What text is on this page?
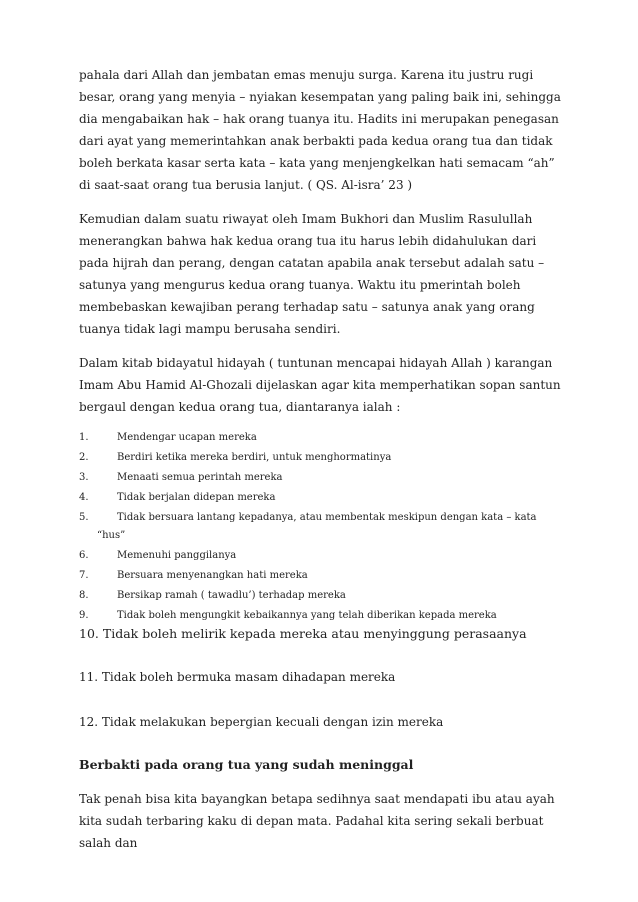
pahala dari Allah dan jembatan emas menuju surga. Karena itu justru rugi besar, orang yang menyia – nyiakan kesempatan yang paling baik ini, sehingga dia mengabaikan hak – hak orang tuanya itu. Hadits ini merupakan penegasan dari ayat yang memerintahkan anak berbakti pada kedua orang tua dan tidak boleh berkata kasar serta kata – kata yang menjengkelkan hati semacam “ah” di saat-saat orang tua berusia lanjut. ( QS. Al-isra’ 23 )

Kemudian dalam suatu riwayat oleh Imam Bukhori dan Muslim Rasulullah menerangkan bahwa hak kedua orang tua itu harus lebih didahulukan dari pada hijrah dan perang, dengan catatan apabila anak tersebut adalah satu – satunya yang mengurus kedua orang tuanya. Waktu itu pmerintah boleh membebaskan kewajiban perang terhadap satu – satunya anak yang orang tuanya tidak lagi mampu berusaha sendiri.

Dalam kitab bidayatul hidayah ( tuntunan mencapai hidayah Allah ) karangan Imam Abu Hamid Al-Ghozali dijelaskan agar kita memperhatikan sopan santun bergaul dengan kedua orang tua, diantaranya ialah :

1.	Mendengar ucapan mereka
2.	Berdiri ketika mereka berdiri, untuk menghormatinya
3.	Menaati semua perintah mereka
4.	Tidak berjalan didepan mereka
5.	Tidak bersuara lantang kepadanya, atau membentak meskipun dengan kata – kata
“hus”
6.	Memenuhi panggilanya
7.	Bersuara menyenangkan hati mereka
8.	Bersikap ramah ( tawadlu’) terhadap mereka
9.	Tidak boleh mengungkit kebaikannya yang telah diberikan kepada mereka
10. Tidak boleh melirik kepada mereka atau menyinggung perasaanya
11. Tidak boleh bermuka masam dihadapan mereka
12. Tidak melakukan bepergian kecuali dengan izin mereka
Berbakti pada orang tua yang sudah meninggal

Tak penah bisa kita bayangkan betapa sedihnya saat mendapati ibu atau ayah kita sudah terbaring kaku di depan mata. Padahal kita sering sekali berbuat salah dan
